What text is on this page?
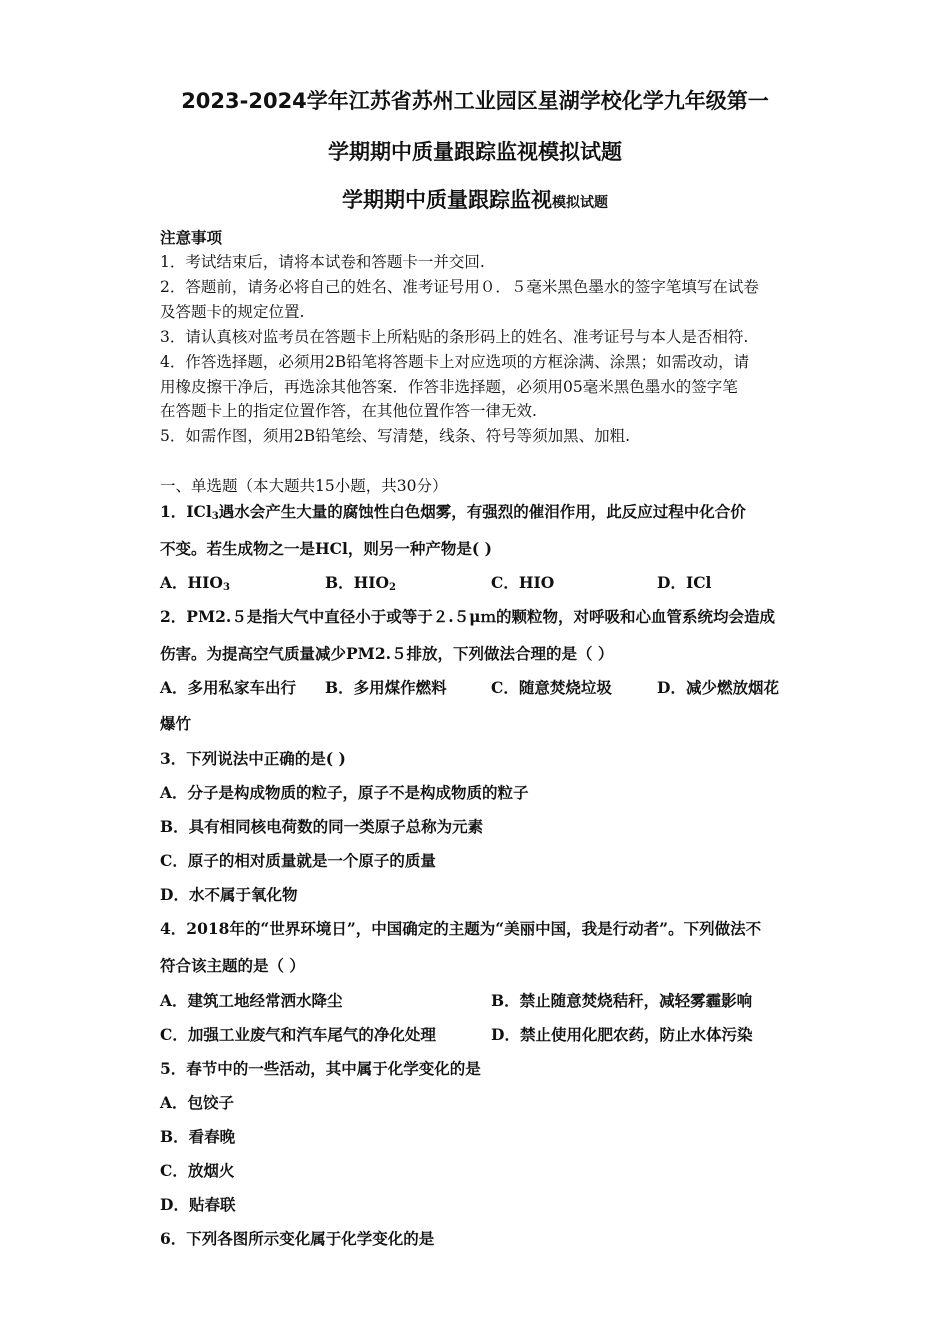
2023-2024学年江苏省苏州工业园区星湖学校化学九年级第一
学期期中质量跟踪监视模拟试题
学期期中质量跟踪监视模拟试题
注意事项
1．考试结束后，请将本试卷和答题卡一并交回.
2．答题前，请务必将自己的姓名、准考证号用０．５毫米黑色墨水的签字笔填写在试卷
及答题卡的规定位置.
3．请认真核对监考员在答题卡上所粘贴的条形码上的姓名、准考证号与本人是否相符.
4．作答选择题，必须用2B铅笔将答题卡上对应选项的方框涂满、涂黑；如需改动，请
用橡皮擦干净后，再选涂其他答案．作答非选择题，必须用05毫米黑色墨水的签字笔
在答题卡上的指定位置作答，在其他位置作答一律无效.
5．如需作图，须用2B铅笔绘、写清楚，线条、符号等须加黑、加粗.
一、单选题（本大题共15小题，共30分）
1．ICl$_3$遇水会产生大量的腐蚀性白色烟雾，有强烈的催泪作用，此反应过程中化合价
不变。若生成物之一是HCl，则另一种产物是( )
A．$HIO_3$	B．$HIO_2$	C．HIO	D．ICl
2．PM2.５是指大气中直径小于或等于２.５μｍ的颗粒物，对呼吸和心血管系统均会造成
伤害。为提高空气质量减少PM2.５排放，下列做法合理的是（ ）
A．多用私家车出行 B．多用煤作燃料	C．随意焚烧垃圾	D．减少燃放烟花
爆竹
3．下列说法中正确的是( )
A．分子是构成物质的粒子，原子不是构成物质的粒子
B．具有相同核电荷数的同一类原子总称为元素
C．原子的相对质量就是一个原子的质量
D．水不属于氧化物
4．2018年的“世界环境日”，中国确定的主题为“美丽中国，我是行动者”。下列做法不
符合该主题的是（ ）
A．建筑工地经常洒水降尘	B．禁止随意焚烧秸秆，减轻雾霾影响
C．加强工业废气和汽车尾气的净化处理	D．禁止使用化肥农药，防止水体污染
5．春节中的一些活动，其中属于化学变化的是
A．包饺子
B．看春晚
C．放烟火
D．贴春联
6．下列各图所示变化属于化学变化的是
